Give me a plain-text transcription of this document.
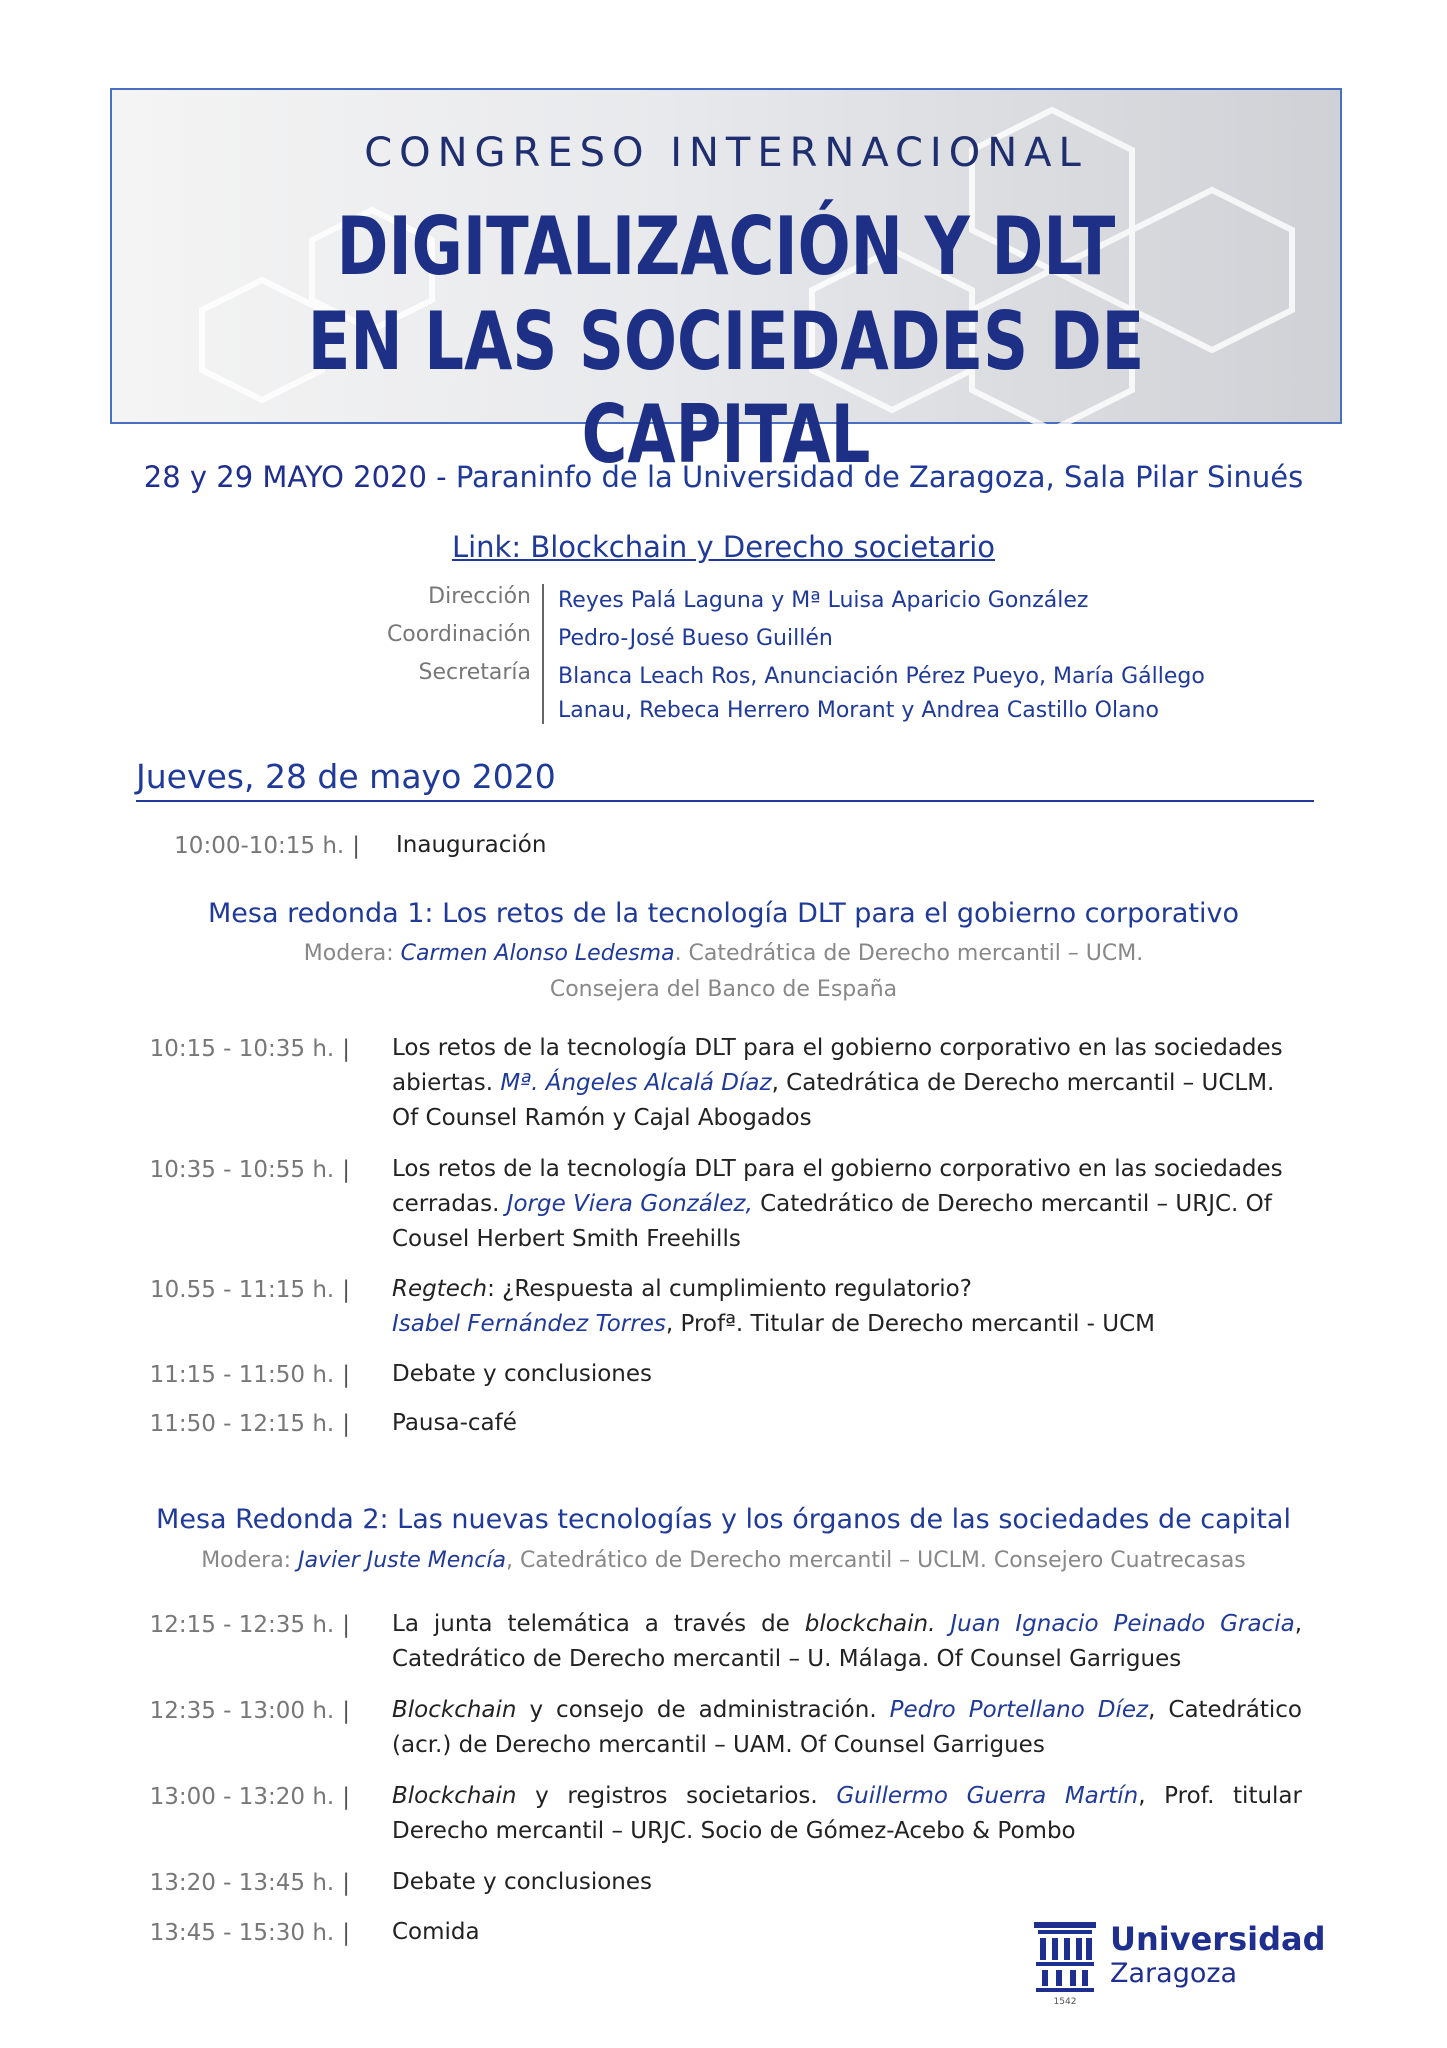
CONGRESO INTERNACIONAL
DIGITALIZACIÓN Y DLT
EN LAS SOCIEDADES DE CAPITAL
28 y 29 MAYO 2020 - Paraninfo de la Universidad de Zaragoza, Sala Pilar Sinués
Link: Blockchain y Derecho societario
Dirección Reyes Palá Laguna y Mª Luisa Aparicio González
Coordinación Pedro-José Bueso Guillén
Secretaría Blanca Leach Ros, Anunciación Pérez Pueyo, María Gállego Lanau, Rebeca Herrero Morant y Andrea Castillo Olano
Jueves, 28 de mayo 2020
10:00-10:15 h. | Inauguración
Mesa redonda 1: Los retos de la tecnología DLT para el gobierno corporativo
Modera: Carmen Alonso Ledesma. Catedrática de Derecho mercantil – UCM.
Consejera del Banco de España
10:15 - 10:35 h. | Los retos de la tecnología DLT para el gobierno corporativo en las sociedades abiertas. Mª. Ángeles Alcalá Díaz, Catedrática de Derecho mercantil – UCLM. Of Counsel Ramón y Cajal Abogados
10:35 - 10:55 h. | Los retos de la tecnología DLT para el gobierno corporativo en las sociedades cerradas. Jorge Viera González, Catedrático de Derecho mercantil – URJC. Of Cousel Herbert Smith Freehills
10.55 - 11:15 h. | Regtech: ¿Respuesta al cumplimiento regulatorio?
Isabel Fernández Torres, Profª. Titular de Derecho mercantil - UCM
11:15 - 11:50 h. | Debate y conclusiones
11:50 - 12:15 h. | Pausa-café
Mesa Redonda 2: Las nuevas tecnologías y los órganos de las sociedades de capital
Modera: Javier Juste Mencía, Catedrático de Derecho mercantil – UCLM. Consejero Cuatrecasas
12:15 - 12:35 h. | La junta telemática a través de blockchain. Juan Ignacio Peinado Gracia, Catedrático de Derecho mercantil – U. Málaga. Of Counsel Garrigues
12:35 - 13:00 h. | Blockchain y consejo de administración. Pedro Portellano Díez, Catedrático (acr.) de Derecho mercantil – UAM. Of Counsel Garrigues
13:00 - 13:20 h. | Blockchain y registros societarios. Guillermo Guerra Martín, Prof. titular Derecho mercantil – URJC. Socio de Gómez-Acebo & Pombo
13:20 - 13:45 h. | Debate y conclusiones
13:45 - 15:30 h. | Comida
1542
Universidad
Zaragoza
